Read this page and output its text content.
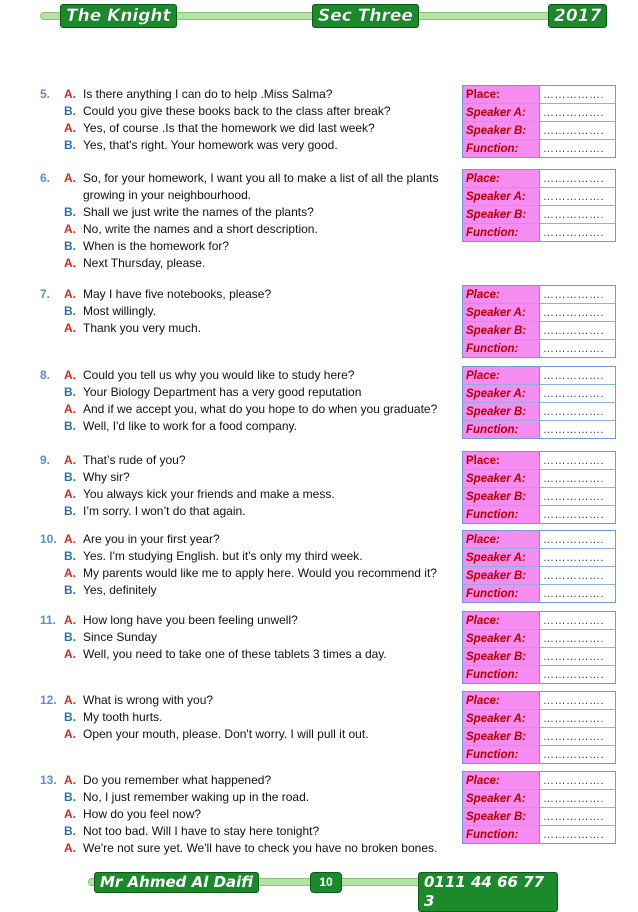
The Knight	Sec Three	2017
5. A. Is there anything I can do to help .Miss Salma?
B. Could you give these books back to the class after break?
A. Yes, of course .Is that the homework we did last week?
B. Yes, that's right. Your homework was very good.
Place:	…………….
Speaker A:	…………….
Speaker B:	…………….
Function:	…………….
6. A. So, for your homework, I want you all to make a list of all the plants
growing in your neighbourhood.
B. Shall we just write the names of the plants?
A. No, write the names and a short description.
B. When is the homework for?
A. Next Thursday, please.
Place:	…………….
Speaker A:	…………….
Speaker B:	…………….
Function:	…………….
7. A. May I have five notebooks, please?
B. Most willingly.
A. Thank you very much.
Place:	…………….
Speaker A:	…………….
Speaker B:	…………….
Function:	…………….
8. A. Could you tell us why you would like to study here?
B. Your Biology Department has a very good reputation
A. And if we accept you, what do you hope to do when you graduate?
B. Well, I'd like to work for a food company.
Place:	…………….
Speaker A:	…………….
Speaker B:	…………….
Function:	…………….
9. A. That’s rude of you?
B. Why sir?
A. You always kick your friends and make a mess.
B. I’m sorry. I won’t do that again.
Place:	…………….
Speaker A:	…………….
Speaker B:	…………….
Function:	…………….
10. A. Are you in your first year?
B. Yes. I'm studying English. but it's only my third week.
A. My parents would like me to apply here. Would you recommend it?
B. Yes, definitely
Place:	…………….
Speaker A:	…………….
Speaker B:	…………….
Function:	…………….
11. A. How long have you been feeling unwell?
B. Since Sunday
A. Well, you need to take one of these tablets 3 times a day.
Place:	…………….
Speaker A:	…………….
Speaker B:	…………….
Function:	…………….
12. A. What is wrong with you?
B. My tooth hurts.
A. Open your mouth, please. Don't worry. I will pull it out.
Place:	…………….
Speaker A:	…………….
Speaker B:	…………….
Function:	…………….
13. A. Do you remember what happened?
B. No, I just remember waking up in the road.
A. How do you feel now?
B. Not too bad. Will I have to stay here tonight?
A. We're not sure yet. We'll have to check you have no broken bones.
Place:	…………….
Speaker A:	…………….
Speaker B:	…………….
Function:	…………….
Mr Ahmed Al Daifi	10	0111 44 66 77 3
